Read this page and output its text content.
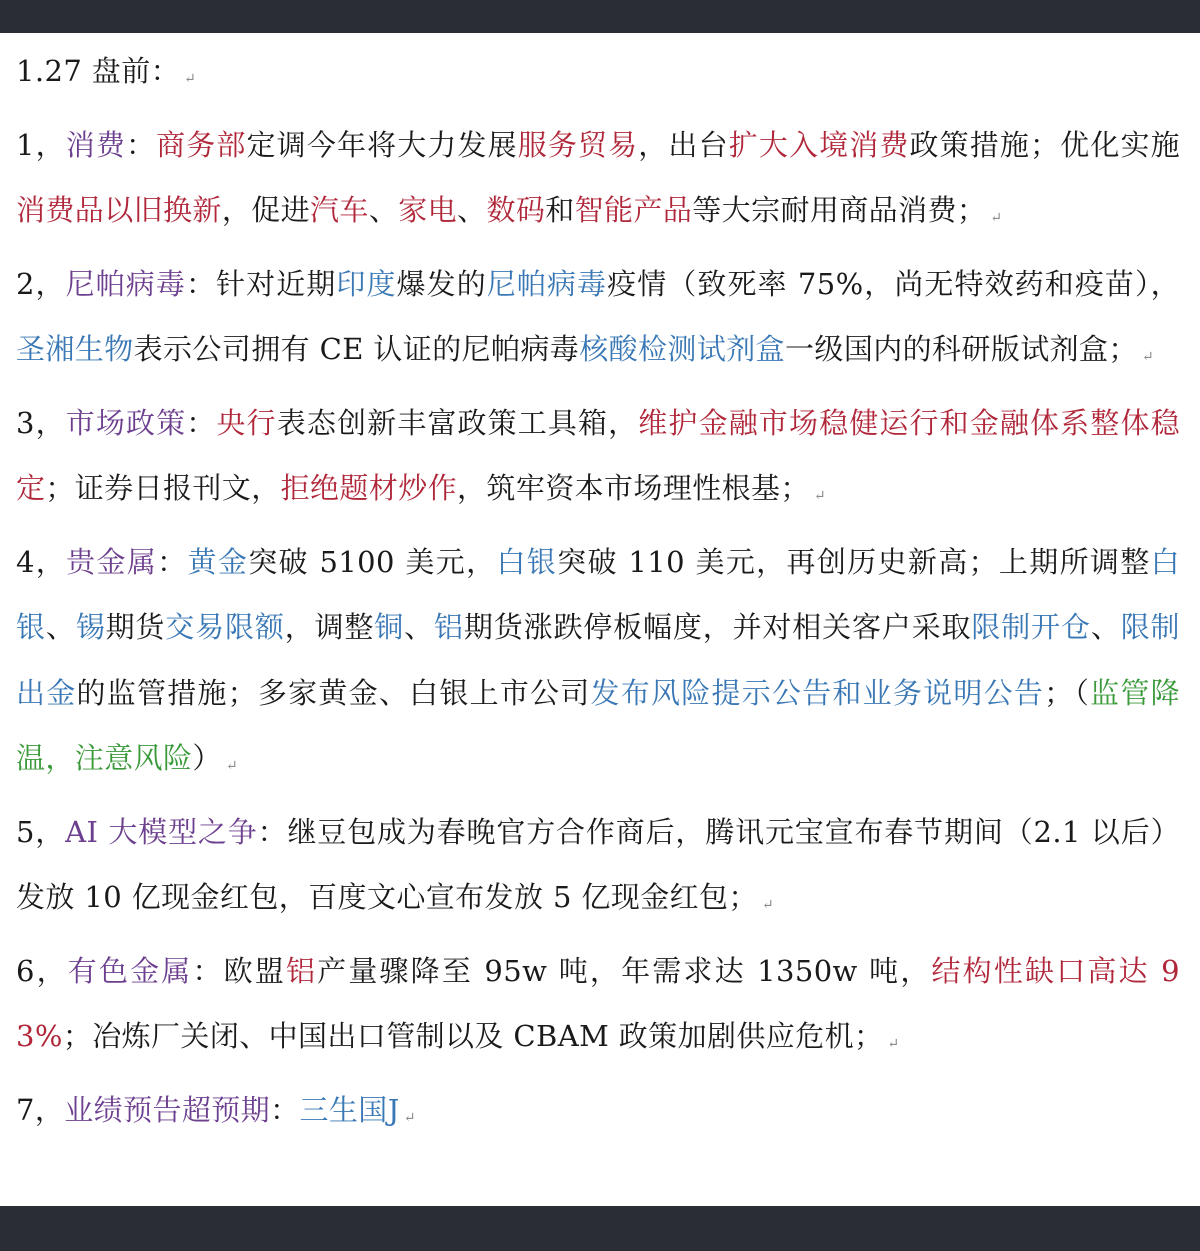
1.27 盘前： ↵

1，消费：商务部定调今年将大力发展服务贸易，出台扩大入境消费政策措施；优化实施消费品以旧换新，促进汽车、家电、数码和智能产品等大宗耐用商品消费； ↵

2，尼帕病毒：针对近期印度爆发的尼帕病毒疫情（致死率 75%，尚无特效药和疫苗），圣湘生物表示公司拥有 CE 认证的尼帕病毒核酸检测试剂盒一级国内的科研版试剂盒； ↵

3，市场政策：央行表态创新丰富政策工具箱，维护金融市场稳健运行和金融体系整体稳定；证券日报刊文，拒绝题材炒作，筑牢资本市场理性根基； ↵

4，贵金属：黄金突破 5100 美元，白银突破 110 美元，再创历史新高；上期所调整白银、锡期货交易限额，调整铜、铝期货涨跌停板幅度，并对相关客户采取限制开仓、限制出金的监管措施；多家黄金、白银上市公司发布风险提示公告和业务说明公告；（监管降温，注意风险） ↵

5，AI 大模型之争：继豆包成为春晚官方合作商后，腾讯元宝宣布春节期间（2.1 以后）发放 10 亿现金红包，百度文心宣布发放 5 亿现金红包； ↵

6，有色金属：欧盟铝产量骤降至 95w 吨，年需求达 1350w 吨，结构性缺口高达 93%；冶炼厂关闭、中国出口管制以及 CBAM 政策加剧供应危机； ↵

7，业绩预告超预期：三生国J ↵
